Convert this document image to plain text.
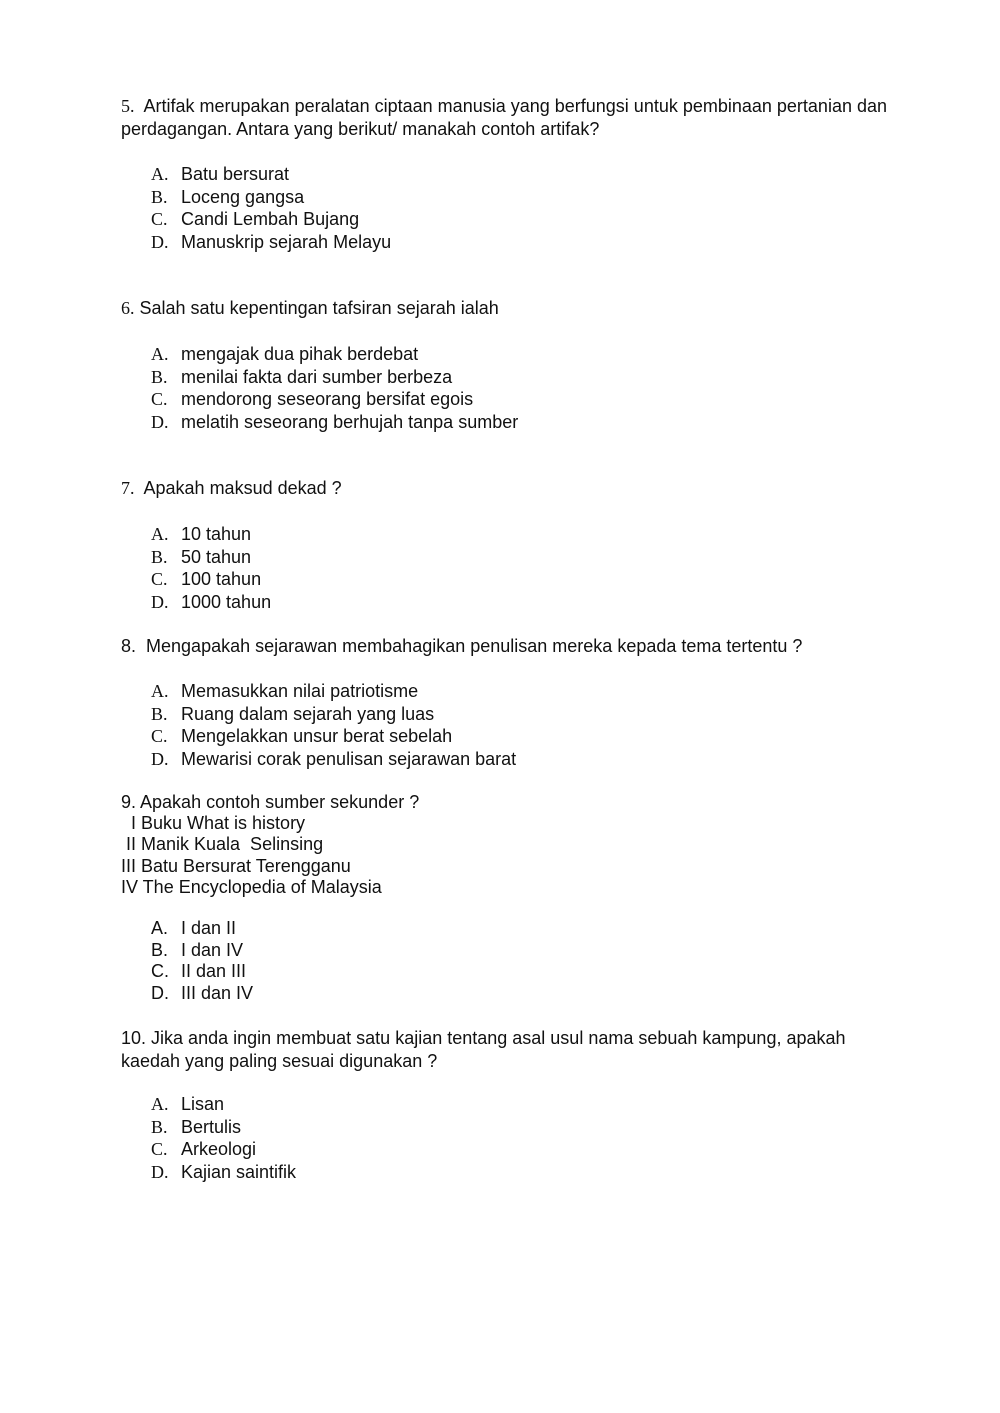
5. Artifak merupakan peralatan ciptaan manusia yang berfungsi untuk pembinaan pertanian dan perdagangan. Antara yang berikut/ manakah contoh artifak?

A. Batu bersurat
B. Loceng gangsa
C. Candi Lembah Bujang
D. Manuskrip sejarah Melayu

6. Salah satu kepentingan tafsiran sejarah ialah

A. mengajak dua pihak berdebat
B. menilai fakta dari sumber berbeza
C. mendorong seseorang bersifat egois
D. melatih seseorang berhujah tanpa sumber

7. Apakah maksud dekad ?

A. 10 tahun
B. 50 tahun
C. 100 tahun
D. 1000 tahun

8. Mengapakah sejarawan membahagikan penulisan mereka kepada tema tertentu ?

A. Memasukkan nilai patriotisme
B. Ruang dalam sejarah yang luas
C. Mengelakkan unsur berat sebelah
D. Mewarisi corak penulisan sejarawan barat

9. Apakah contoh sumber sekunder ?

I Buku What is history
II Manik Kuala  Selinsing
III Batu Bersurat Terengganu
IV The Encyclopedia of Malaysia
A. I dan II
B. I dan IV
C. II dan III
D. III dan IV

10. Jika anda ingin membuat satu kajian tentang asal usul nama sebuah kampung, apakah kaedah yang paling sesuai digunakan ?

A. Lisan
B. Bertulis
C. Arkeologi
D. Kajian saintifik
